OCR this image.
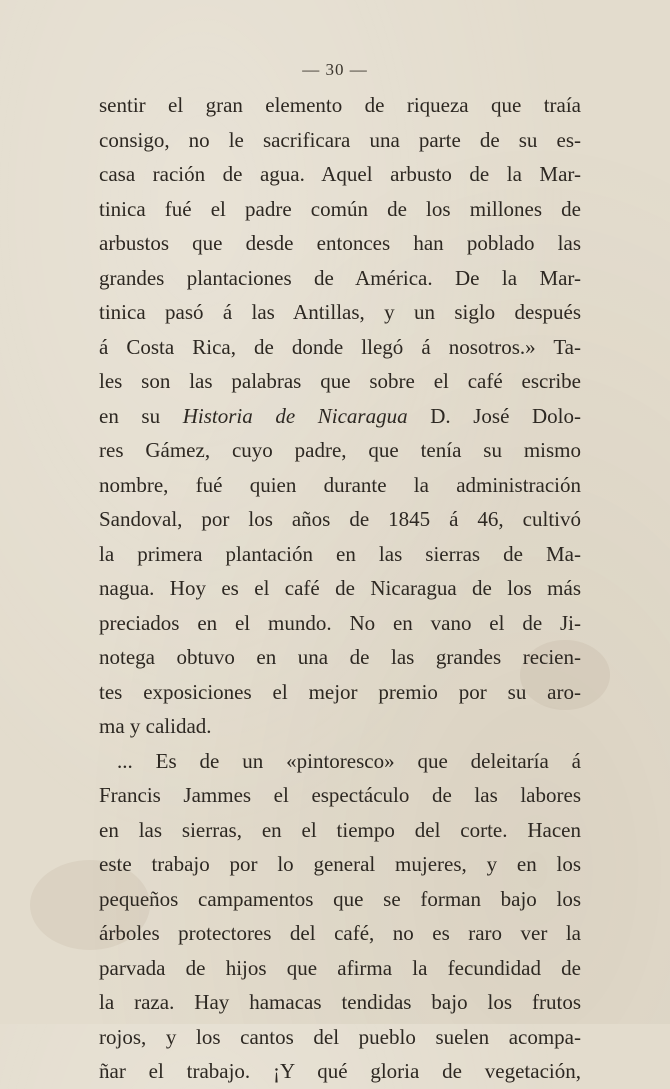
— 30 —
sentir el gran elemento de riqueza que traía
consigo, no le sacrificara una parte de su es-
casa ración de agua. Aquel arbusto de la Mar-
tinica fué el padre común de los millones de
arbustos que desde entonces han poblado las
grandes plantaciones de América. De la Mar-
tinica pasó á las Antillas, y un siglo después
á Costa Rica, de donde llegó á nosotros.» Ta-
les son las palabras que sobre el café escribe
en su Historia de Nicaragua D. José Dolo-
res Gámez, cuyo padre, que tenía su mismo
nombre, fué quien durante la administración
Sandoval, por los años de 1845 á 46, cultivó
la primera plantación en las sierras de Ma-
nagua. Hoy es el café de Nicaragua de los más
preciados en el mundo. No en vano el de Ji-
notega obtuvo en una de las grandes recien-
tes exposiciones el mejor premio por su aro-
ma y calidad.
... Es de un «pintoresco» que deleitaría á
Francis Jammes el espectáculo de las labores
en las sierras, en el tiempo del corte. Hacen
este trabajo por lo general mujeres, y en los
pequeños campamentos que se forman bajo los
árboles protectores del café, no es raro ver la
parvada de hijos que afirma la fecundidad de
la raza. Hay hamacas tendidas bajo los frutos
rojos, y los cantos del pueblo suelen acompa-
ñar el trabajo. ¡Y qué gloria de vegetación,
